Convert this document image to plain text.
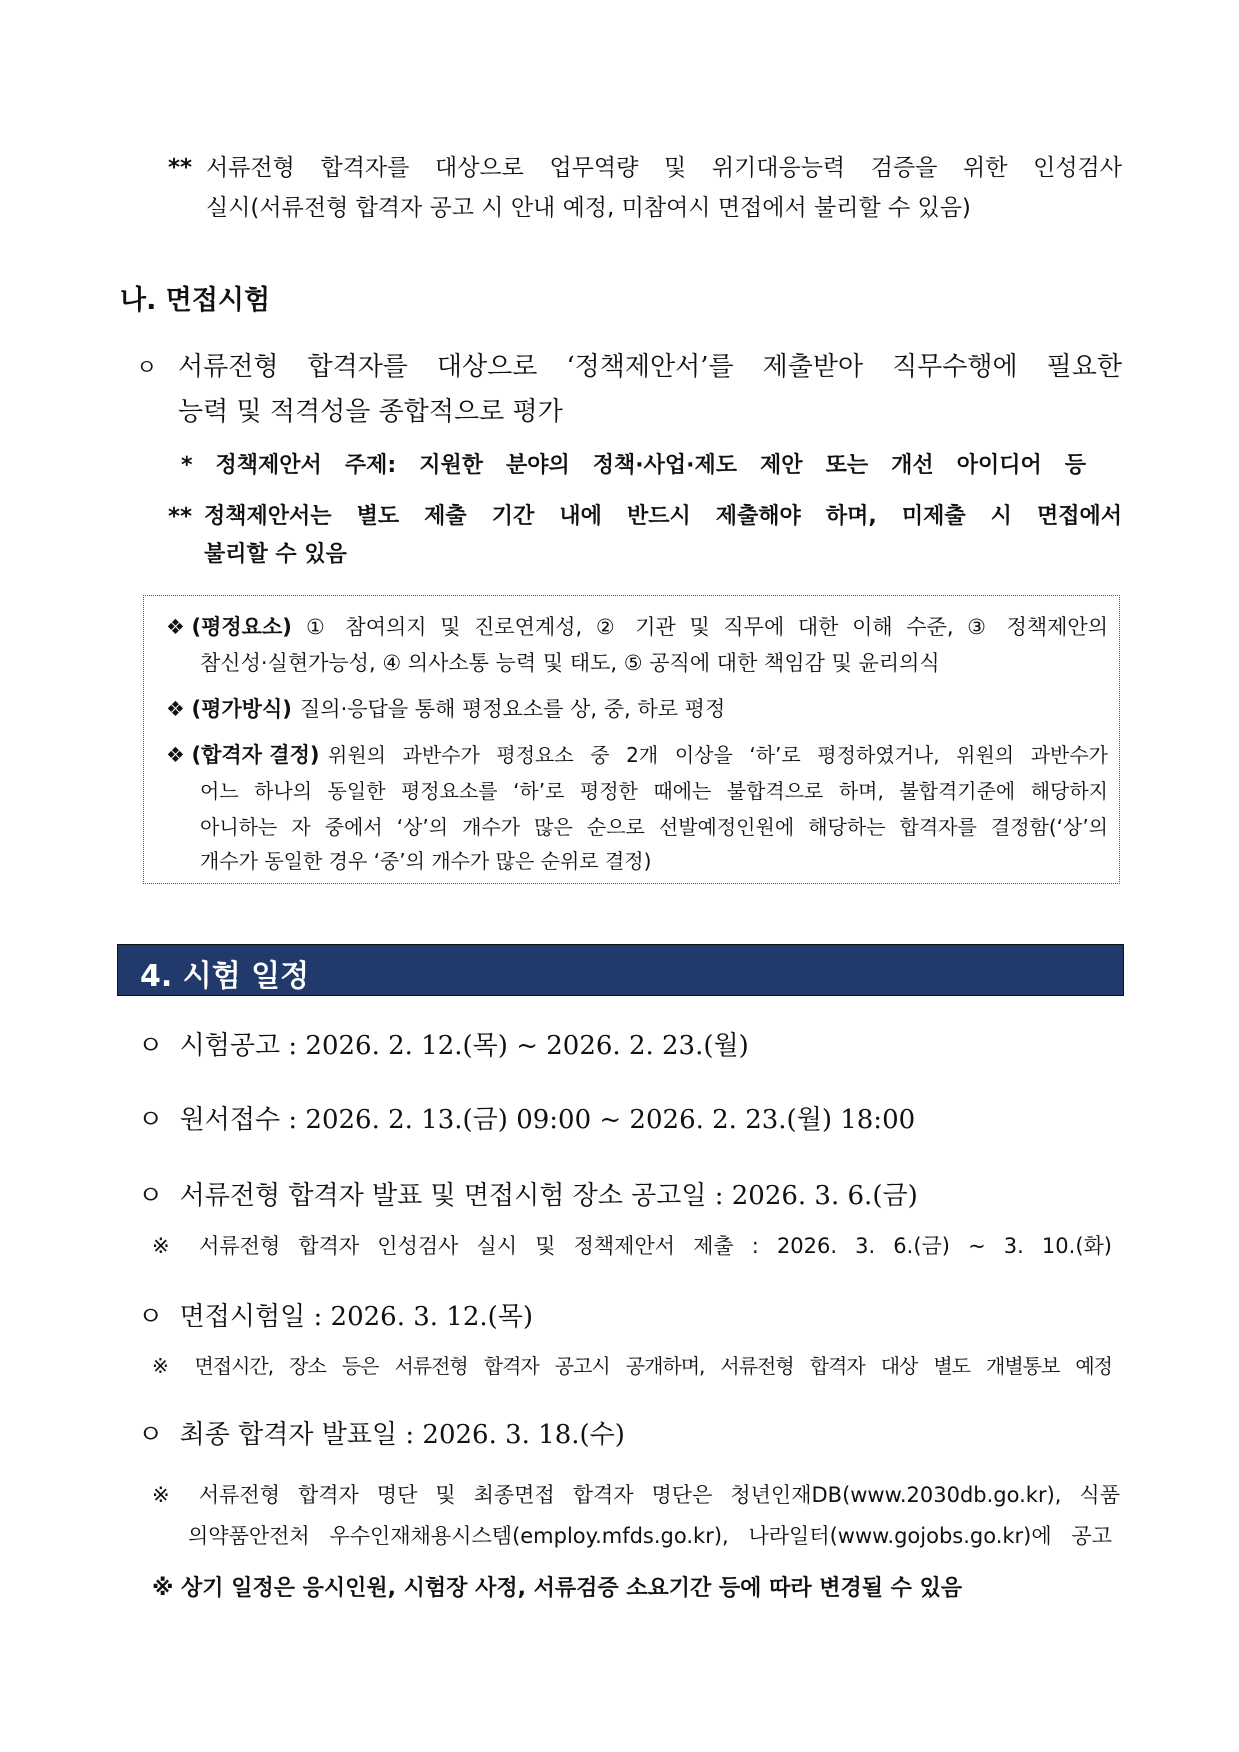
** 서류전형 합격자를 대상으로 업무역량 및 위기대응능력 검증을 위한 인성검사
실시(서류전형 합격자 공고 시 안내 예정, 미참여시 면접에서 불리할 수 있음)
나. 면접시험
ㅇ 서류전형 합격자를 대상으로 ‘정책제안서’를 제출받아 직무수행에 필요한
능력 및 적격성을 종합적으로 평가
* 정책제안서 주제: 지원한 분야의 정책·사업·제도 제안 또는 개선 아이디어 등
** 정책제안서는 별도 제출 기간 내에 반드시 제출해야 하며, 미제출 시 면접에서
불리할 수 있음
❖ (평정요소) ① 참여의지 및 진로연계성, ② 기관 및 직무에 대한 이해 수준, ③ 정책제안의
참신성·실현가능성, ④ 의사소통 능력 및 태도, ⑤ 공직에 대한 책임감 및 윤리의식
❖ (평가방식) 질의·응답을 통해 평정요소를 상, 중, 하로 평정
❖ (합격자 결정) 위원의 과반수가 평정요소 중 2개 이상을 ‘하’로 평정하였거나, 위원의 과반수가
어느 하나의 동일한 평정요소를 ‘하’로 평정한 때에는 불합격으로 하며, 불합격기준에 해당하지
아니하는 자 중에서 ‘상’의 개수가 많은 순으로 선발예정인원에 해당하는 합격자를 결정함(‘상’의
개수가 동일한 경우 ‘중’의 개수가 많은 순위로 결정)
4. 시험 일정
ㅇ  시험공고 : 2026. 2. 12.(목) ~ 2026. 2. 23.(월)
ㅇ  원서접수 : 2026. 2. 13.(금) 09:00 ~ 2026. 2. 23.(월) 18:00
ㅇ  서류전형 합격자 발표 및 면접시험 장소 공고일 : 2026. 3. 6.(금)
※ 서류전형 합격자 인성검사 실시 및 정책제안서 제출 : 2026. 3. 6.(금) ~ 3. 10.(화)
ㅇ  면접시험일 : 2026. 3. 12.(목)
※ 면접시간, 장소 등은 서류전형 합격자 공고시 공개하며, 서류전형 합격자 대상 별도 개별통보 예정
ㅇ  최종 합격자 발표일 : 2026. 3. 18.(수)
※ 서류전형 합격자 명단 및 최종면접 합격자 명단은 청년인재DB(www.2030db.go.kr), 식품
의약품안전처 우수인재채용시스템(employ.mfds.go.kr), 나라일터(www.gojobs.go.kr)에 공고
※ 상기 일정은 응시인원, 시험장 사정, 서류검증 소요기간 등에 따라 변경될 수 있음
